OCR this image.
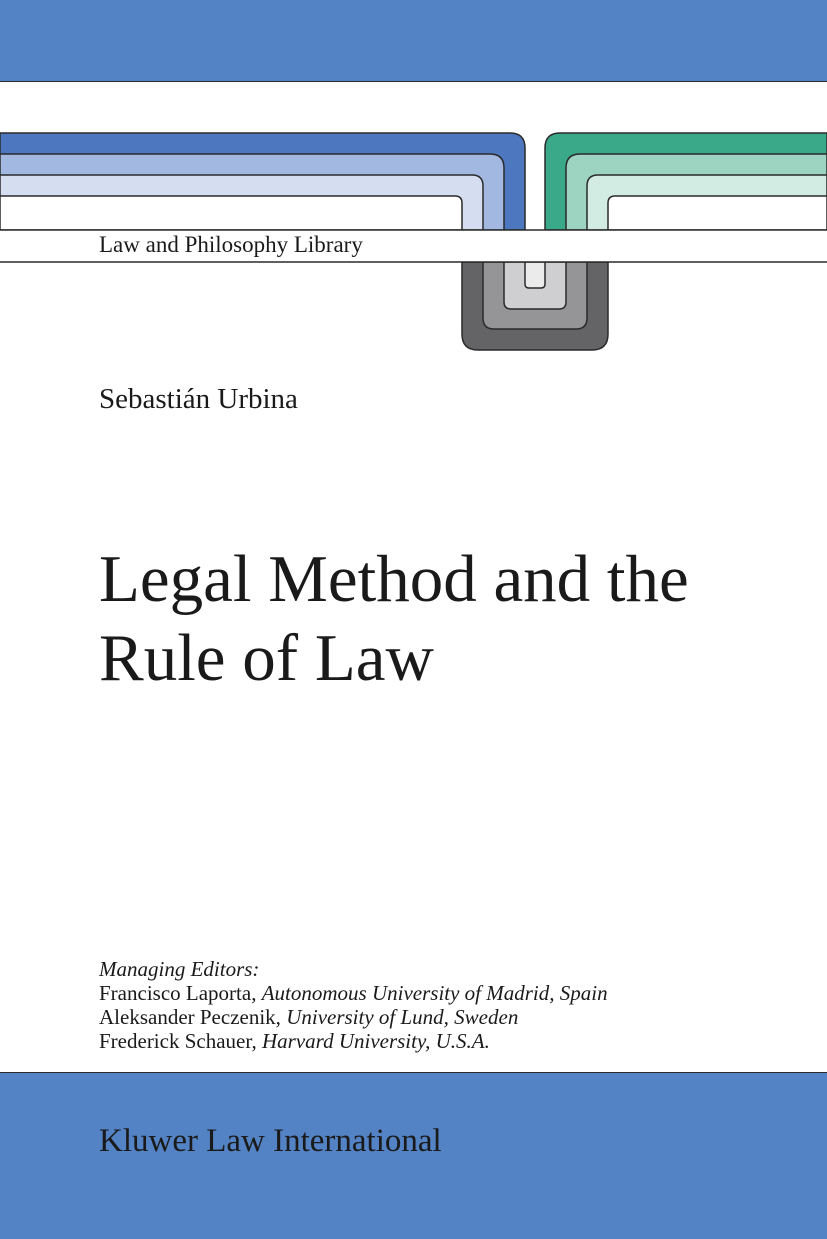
Law and Philosophy Library
Sebastián Urbina
Legal Method and the
Rule of Law
Managing Editors:
Francisco Laporta, Autonomous University of Madrid, Spain
Aleksander Peczenik, University of Lund, Sweden
Frederick Schauer, Harvard University, U.S.A.
Kluwer Law International
